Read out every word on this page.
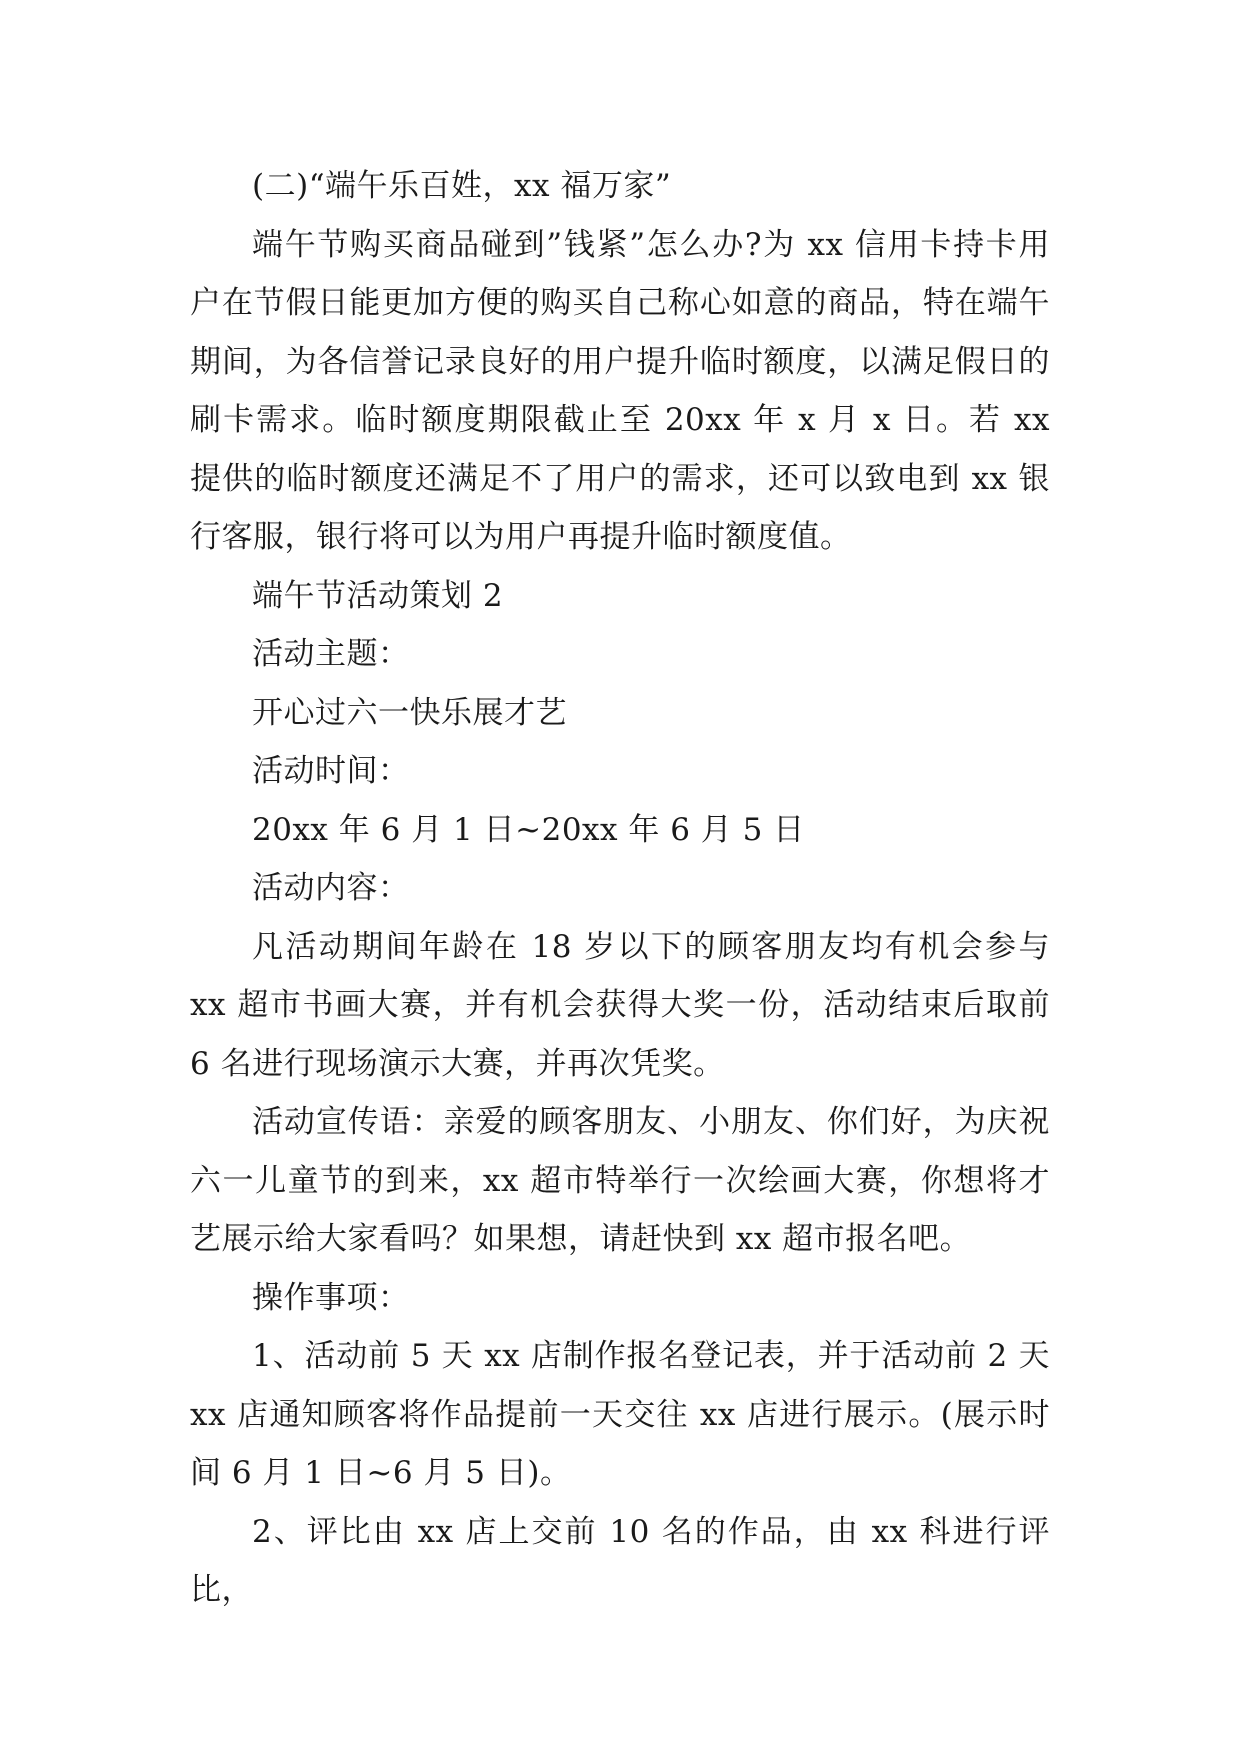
(二)“端午乐百姓，xx 福万家”

端午节购买商品碰到”钱紧”怎么办?为 xx 信用卡持卡用户在节假日能更加方便的购买自己称心如意的商品，特在端午期间，为各信誉记录良好的用户提升临时额度，以满足假日的刷卡需求。临时额度期限截止至 20xx 年 x 月 x 日。若 xx 提供的临时额度还满足不了用户的需求，还可以致电到 xx 银行客服，银行将可以为用户再提升临时额度值。

端午节活动策划 2

活动主题：

开心过六一快乐展才艺

活动时间：

20xx 年 6 月 1 日~20xx 年 6 月 5 日

活动内容：

凡活动期间年龄在 18 岁以下的顾客朋友均有机会参与 xx 超市书画大赛，并有机会获得大奖一份，活动结束后取前 6 名进行现场演示大赛，并再次凭奖。

活动宣传语：亲爱的顾客朋友、小朋友、你们好，为庆祝六一儿童节的到来，xx 超市特举行一次绘画大赛，你想将才艺展示给大家看吗？如果想，请赶快到 xx 超市报名吧。

操作事项：

1、活动前 5 天 xx 店制作报名登记表，并于活动前 2 天 xx 店通知顾客将作品提前一天交往 xx 店进行展示。(展示时间 6 月 1 日~6 月 5 日)。

2、评比由 xx 店上交前 10 名的作品，由 xx 科进行评比，
